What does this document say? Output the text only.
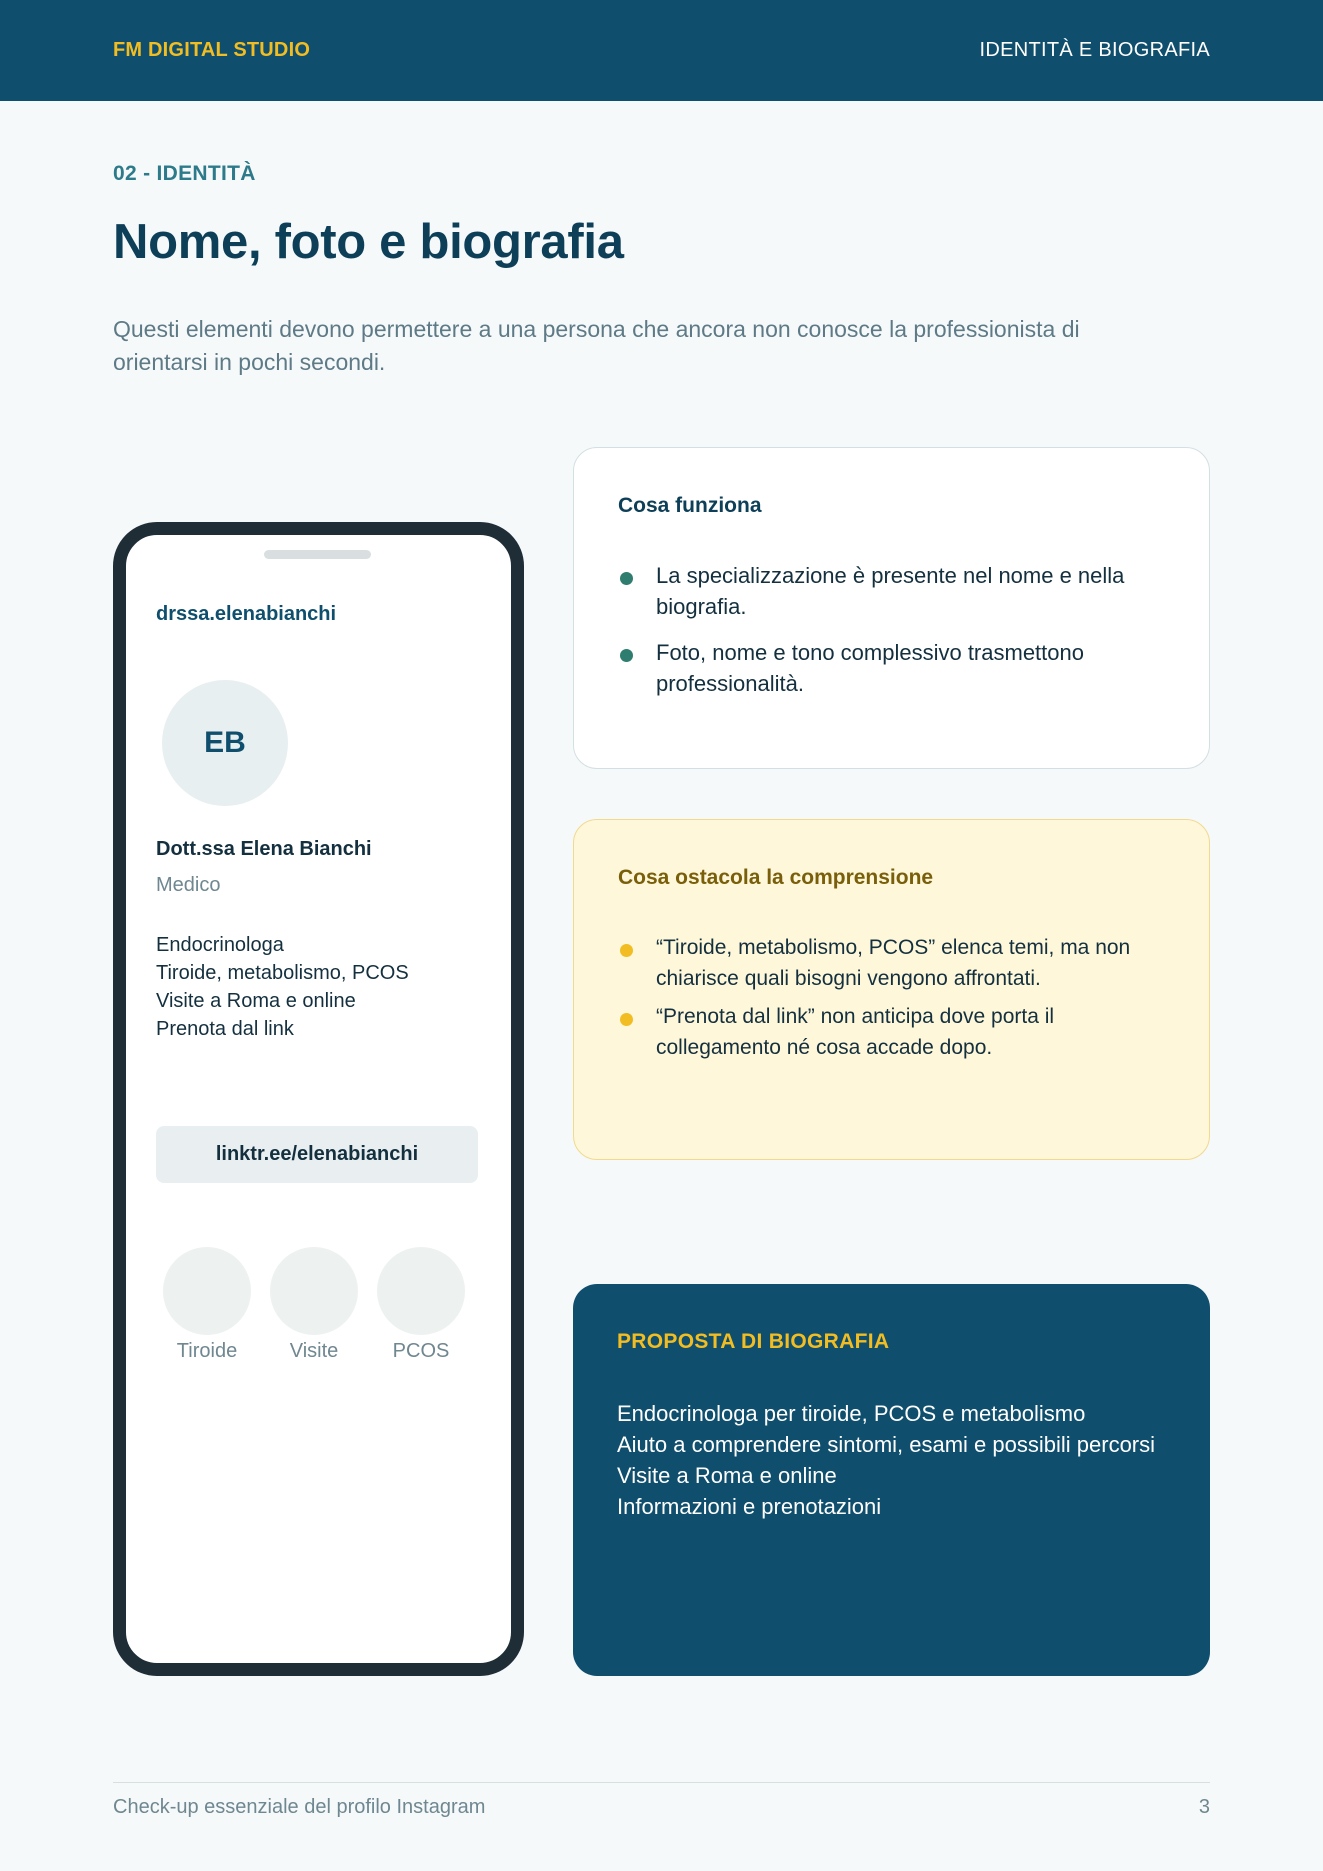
FM DIGITAL STUDIO	IDENTITÀ E BIOGRAFIA
02 - IDENTITÀ
Nome, foto e biografia

Questi elementi devono permettere a una persona che ancora non conosce la professionista di orientarsi in pochi secondi.

drssa.elenabianchi
EB
Dott.ssa Elena Bianchi
Medico
Endocrinologa
Tiroide, metabolismo, PCOS
Visite a Roma e online
Prenota dal link
linktr.ee/elenabianchi
Tiroide	Visite	PCOS
Cosa funziona
La specializzazione è presente nel nome e nella biografia.
Foto, nome e tono complessivo trasmettono professionalità.
Cosa ostacola la comprensione
“Tiroide, metabolismo, PCOS” elenca temi, ma non chiarisce quali bisogni vengono affrontati.
“Prenota dal link” non anticipa dove porta il collegamento né cosa accade dopo.
PROPOSTA DI BIOGRAFIA
Endocrinologa per tiroide, PCOS e metabolismo
Aiuto a comprendere sintomi, esami e possibili percorsi
Visite a Roma e online
Informazioni e prenotazioni
Check-up essenziale del profilo Instagram	3
